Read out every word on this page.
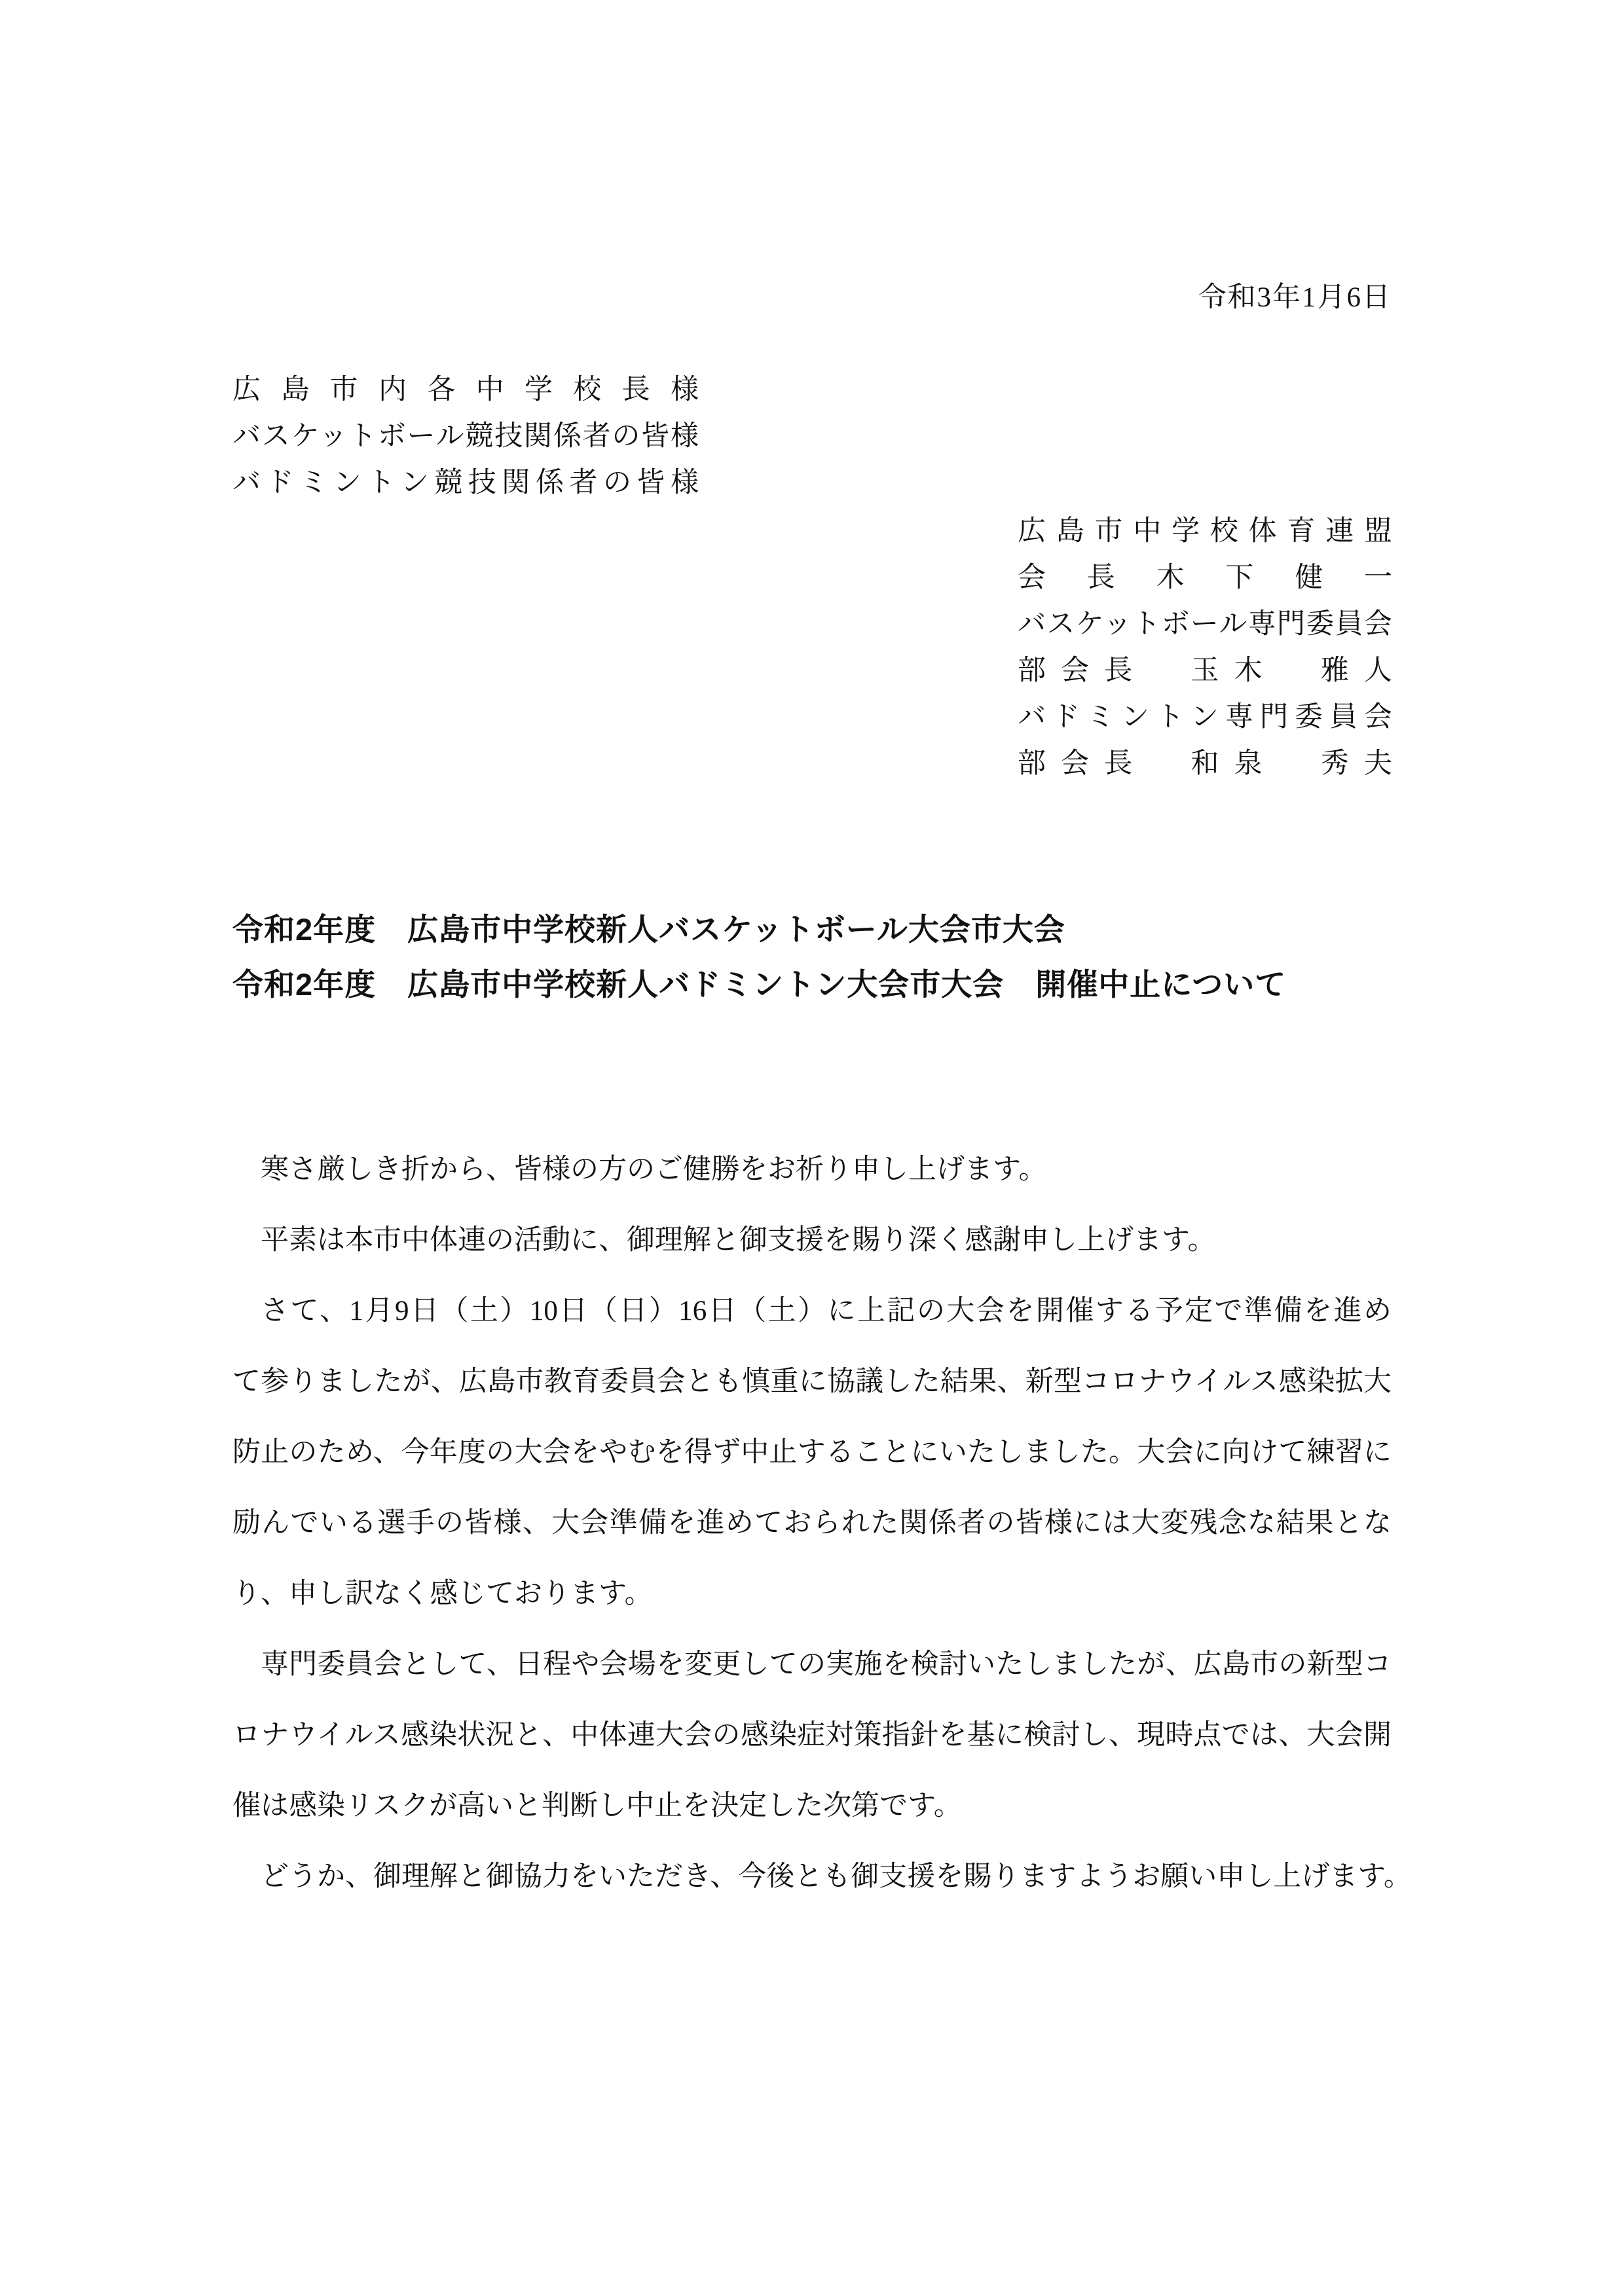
令和3年1月6日
広島市内各中学校長様
バスケットボール競技関係者の皆様
バドミントン競技関係者の皆様
広島市中学校体育連盟
会　長　木　下　健　一
バスケットボール専門委員会
部会長　玉木　雅人
バドミントン専門委員会
部会長　和泉　秀夫
令和2年度　広島市中学校新人バスケットボール大会市大会
令和2年度　広島市中学校新人バドミントン大会市大会　開催中止について
寒さ厳しき折から、皆様の方のご健勝をお祈り申し上げます。
平素は本市中体連の活動に、御理解と御支援を賜り深く感謝申し上げます。
さて、1月9日（土）10日（日）16日（土）に上記の大会を開催する予定で準備を進め
て参りましたが、広島市教育委員会とも慎重に協議した結果、新型コロナウイルス感染拡大
防止のため、今年度の大会をやむを得ず中止することにいたしました。大会に向けて練習に
励んでいる選手の皆様、大会準備を進めておられた関係者の皆様には大変残念な結果とな
り、申し訳なく感じております。
専門委員会として、日程や会場を変更しての実施を検討いたしましたが、広島市の新型コ
ロナウイルス感染状況と、中体連大会の感染症対策指針を基に検討し、現時点では、大会開
催は感染リスクが高いと判断し中止を決定した次第です。
どうか、御理解と御協力をいただき、今後とも御支援を賜りますようお願い申し上げます。
